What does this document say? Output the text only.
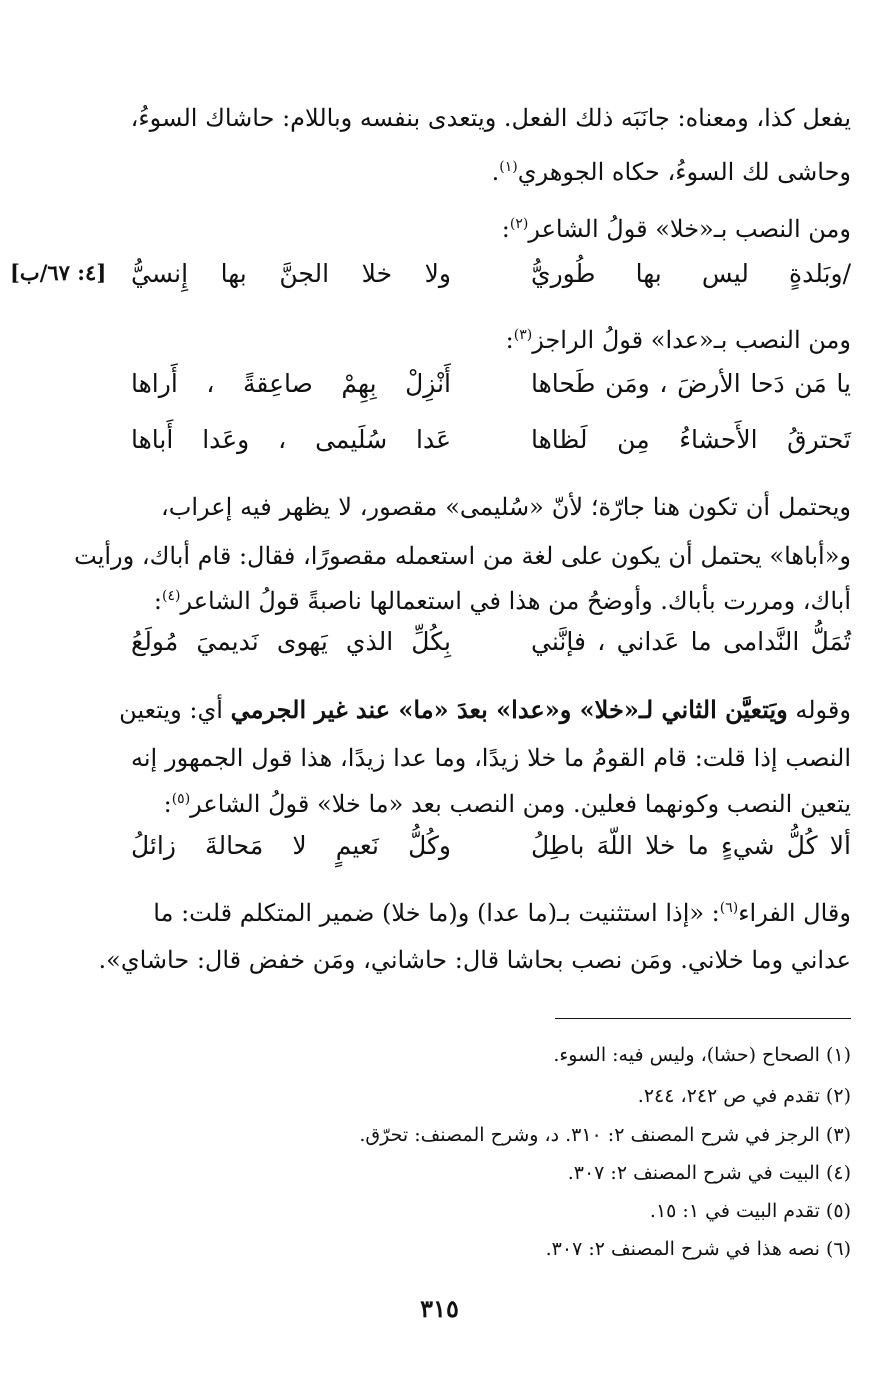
[٤: ٦٧/ب]
يفعل كذا، ومعناه: جانَبَه ذلك الفعل. ويتعدى بنفسه وباللام: حاشاك السوءُ،
وحاشى لك السوءُ، حكاه الجوهري$^{(١)}$.
ومن النصب بـ«خلا» قولُ الشاعر$^{(٢)}$:
/وبَلدةٍ ليس بها طُوريُّ
ولا خلا الجنَّ بها إِنسيُّ
ومن النصب بـ«عدا» قولُ الراجز$^{(٣)}$:
يا مَن دَحا الأرضَ ، ومَن طَحاها
أَنْزِلْ بِهِمْ صاعِقةً ، أَراها
تَحترقُ الأَحشاءُ مِن لَظاها
عَدا سُلَيمى ، وعَدا أَباها
ويحتمل أن تكون هنا جارّة؛ لأنّ «سُليمى» مقصور، لا يظهر فيه إعراب،
و«أباها» يحتمل أن يكون على لغة من استعمله مقصورًا، فقال: قام أباك، ورأيت
أباك، ومررت بأباك. وأوضحُ من هذا في استعمالها ناصبةً قولُ الشاعر$^{(٤)}$:
تُمَلُّ النَّدامى ما عَداني ، فإنَّني
بِكُلِّ الذي يَهوى نَديميَ مُولَعُ
وقوله ويَتعيَّن الثاني لـ«خلا» و«عدا» بعدَ «ما» عند غير الجرمي أي: ويتعين
النصب إذا قلت: قام القومُ ما خلا زيدًا، وما عدا زيدًا، هذا قول الجمهور إنه
يتعين النصب وكونهما فعلين. ومن النصب بعد «ما خلا» قولُ الشاعر$^{(٥)}$:
ألا كُلُّ شيءٍ ما خلا اللّهَ باطِلُ
وكُلُّ نَعيمٍ لا مَحالةَ زائلُ
وقال الفراء$^{(٦)}$: «إذا استثنيت بـ(ما عدا) و(ما خلا) ضمير المتكلم قلت: ما
عداني وما خلاني. ومَن نصب بحاشا قال: حاشاني، ومَن خفض قال: حاشاي».
(١) الصحاح (حشا)، وليس فيه: السوء.
(٢) تقدم في ص ٢٤٢، ٢٤٤.
(٣) الرجز في شرح المصنف ٢: ٣١٠. د، وشرح المصنف: تحرّق.
(٤) البيت في شرح المصنف ٢: ٣٠٧.
(٥) تقدم البيت في ١: ١٥.
(٦) نصه هذا في شرح المصنف ٢: ٣٠٧.
٣١٥
